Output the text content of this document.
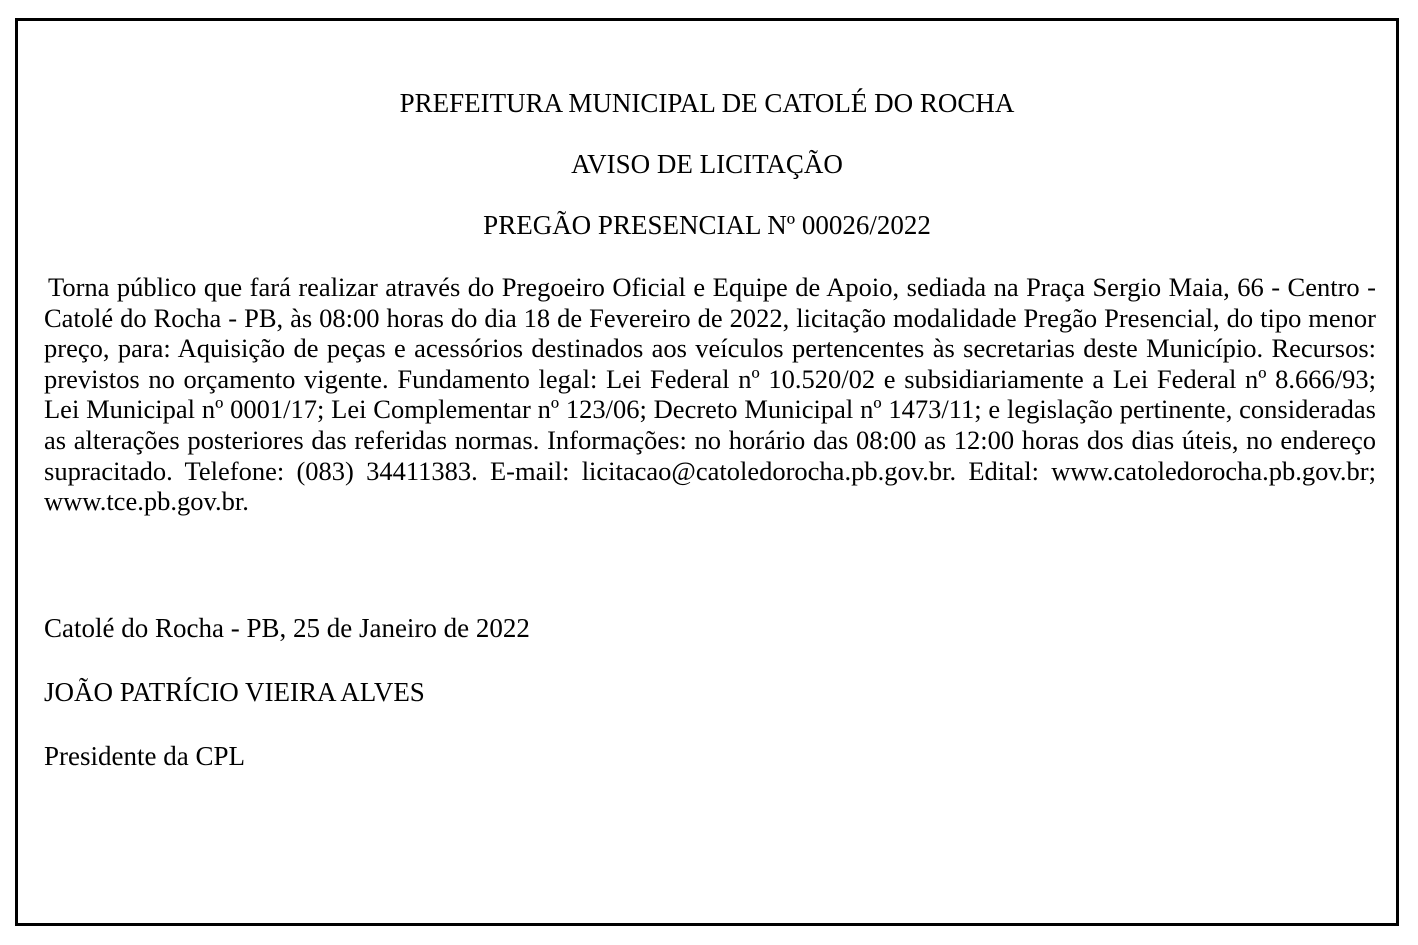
PREFEITURA MUNICIPAL DE CATOLÉ DO ROCHA

AVISO DE LICITAÇÃO

PREGÃO PRESENCIAL Nº 00026/2022

Torna público que fará realizar através do Pregoeiro Oficial e Equipe de Apoio, sediada na Praça Sergio Maia, 66 - Centro - Catolé do Rocha - PB, às 08:00 horas do dia 18 de Fevereiro de 2022, licitação modalidade Pregão Presencial, do tipo menor preço, para: Aquisição de peças e acessórios destinados aos veículos pertencentes às secretarias deste Município. Recursos: previstos no orçamento vigente. Fundamento legal: Lei Federal nº 10.520/02 e subsidiariamente a Lei Federal nº 8.666/93; Lei Municipal nº 0001/17; Lei Complementar nº 123/06; Decreto Municipal nº 1473/11; e legislação pertinente, consideradas as alterações posteriores das referidas normas. Informações: no horário das 08:00 as 12:00 horas dos dias úteis, no endereço supracitado. Telefone: (083) 34411383. E-mail: licitacao@catoledorocha.pb.gov.br. Edital: www.catoledorocha.pb.gov.br; www.tce.pb.gov.br.

Catolé do Rocha - PB, 25 de Janeiro de 2022

JOÃO PATRÍCIO VIEIRA ALVES

Presidente da CPL
